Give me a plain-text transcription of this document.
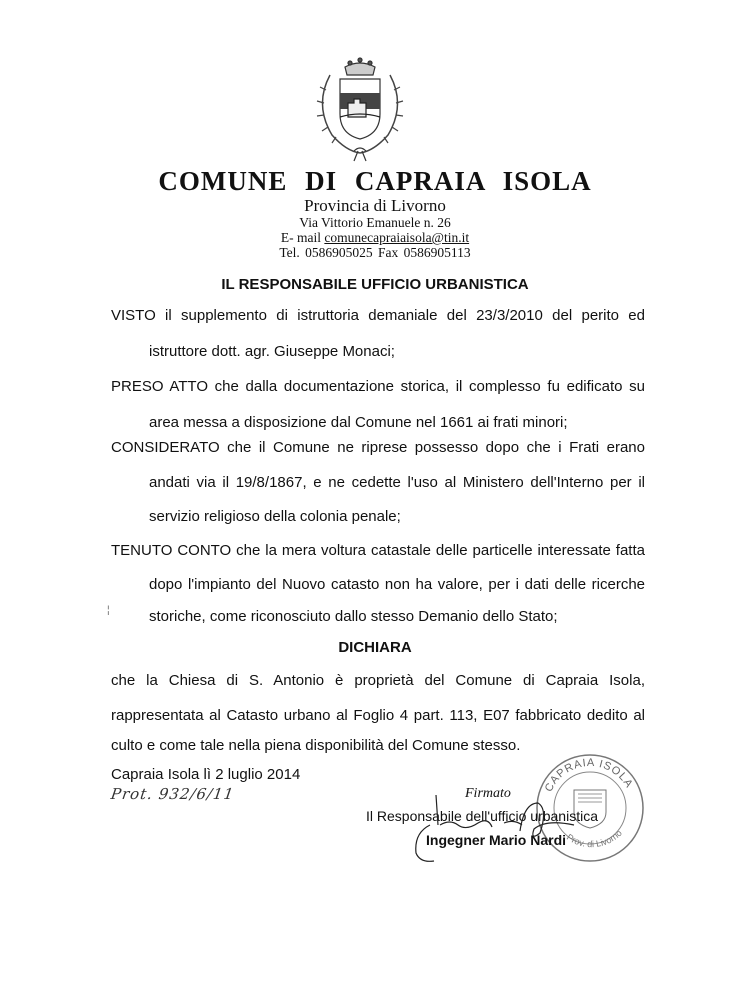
COMUNE DI CAPRAIA ISOLA
Provincia di Livorno
Via Vittorio Emanuele n. 26
E- mail comunecapraiaisola@tin.it
Tel. 0586905025 Fax 0586905113
IL RESPONSABILE UFFICIO URBANISTICA
VISTO il supplemento di istruttoria demaniale del 23/3/2010 del perito ed
istruttore dott. agr. Giuseppe Monaci;
PRESO ATTO che dalla documentazione storica, il complesso fu edificato su
area messa a disposizione dal Comune nel 1661 ai frati minori;
CONSIDERATO che il Comune ne riprese possesso dopo che i Frati erano
andati via il 19/8/1867, e ne cedette l'uso al Ministero dell'Interno per il
servizio religioso della colonia penale;
TENUTO CONTO che la mera voltura catastale delle particelle interessate fatta
dopo l'impianto del Nuovo catasto non ha valore, per i dati delle ricerche
storiche, come riconosciuto dallo stesso Demanio dello Stato;
¦
DICHIARA
che la Chiesa di S. Antonio è proprietà del Comune di Capraia Isola,
rappresentata al Catasto urbano al Foglio 4 part. 113, E07 fabbricato dedito al
culto e come tale nella piena disponibilità del Comune stesso.
Capraia Isola lì 2 luglio 2014
Prot. 932/6/11	CAPRAIA ISOLA
Prov. di Livorno
Firmato
Il Responsabile dell'ufficio urbanistica
Ingegner Mario Nardi
